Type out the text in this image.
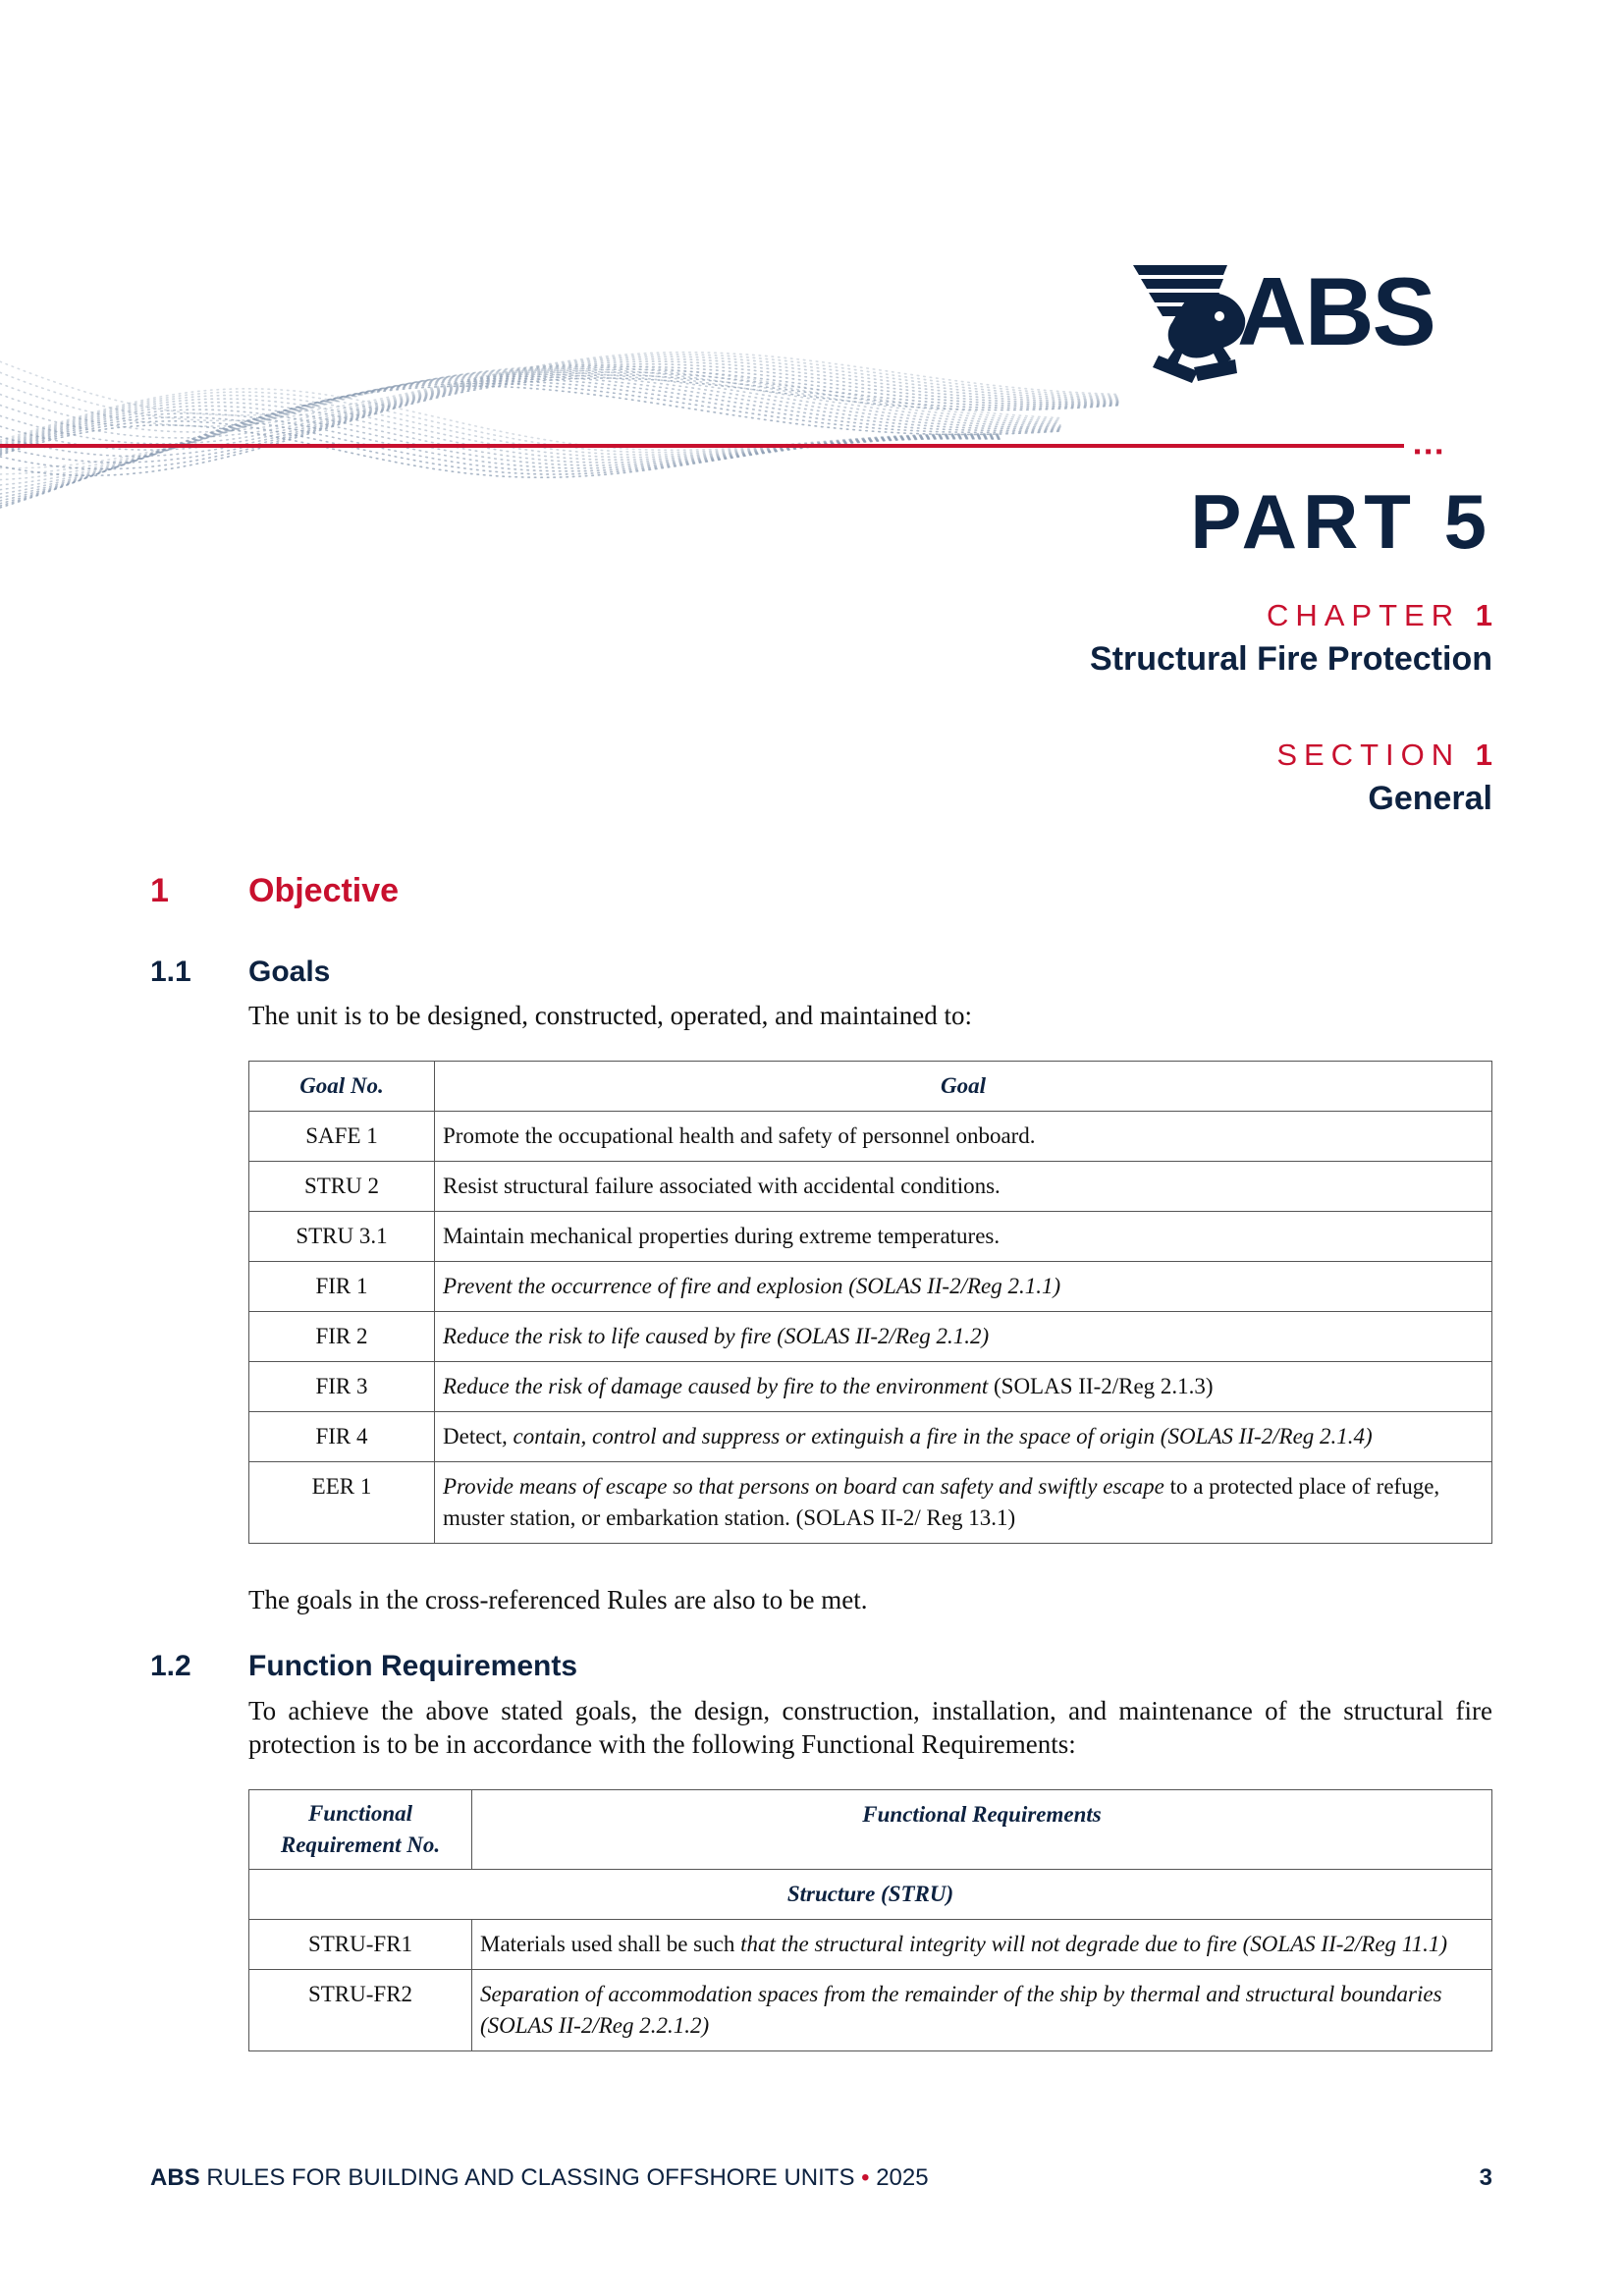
ABS
▪▪▪
PART 5
CHAPTER 1
Structural Fire Protection
SECTION 1
General
1 Objective
1.1 Goals
The unit is to be designed, constructed, operated, and maintained to:
Goal No.	Goal
SAFE 1	Promote the occupational health and safety of personnel onboard.
STRU 2	Resist structural failure associated with accidental conditions.
STRU 3.1	Maintain mechanical properties during extreme temperatures.
FIR 1	Prevent the occurrence of fire and explosion (SOLAS II-2/Reg 2.1.1)
FIR 2	Reduce the risk to life caused by fire (SOLAS II-2/Reg 2.1.2)
FIR 3	Reduce the risk of damage caused by fire to the environment (SOLAS II-2/Reg 2.1.3)
FIR 4	Detect, contain, control and suppress or extinguish a fire in the space of origin (SOLAS II-2/Reg 2.1.4)
EER 1	Provide means of escape so that persons on board can safety and swiftly escape to a protected place of refuge, muster station, or embarkation station. (SOLAS II-2/ Reg 13.1)
The goals in the cross-referenced Rules are also to be met.
1.2 Function Requirements
To achieve the above stated goals, the design, construction, installation, and maintenance of the structural fire protection is to be in accordance with the following Functional Requirements:
Functional Requirement No.	Functional Requirements
Structure (STRU)	
STRU-FR1	Materials used shall be such that the structural integrity will not degrade due to fire (SOLAS II-2/Reg 11.1)
STRU-FR2	Separation of accommodation spaces from the remainder of the ship by thermal and structural boundaries (SOLAS II-2/Reg 2.2.1.2)
ABS RULES FOR BUILDING AND CLASSING OFFSHORE UNITS • 2025	3
